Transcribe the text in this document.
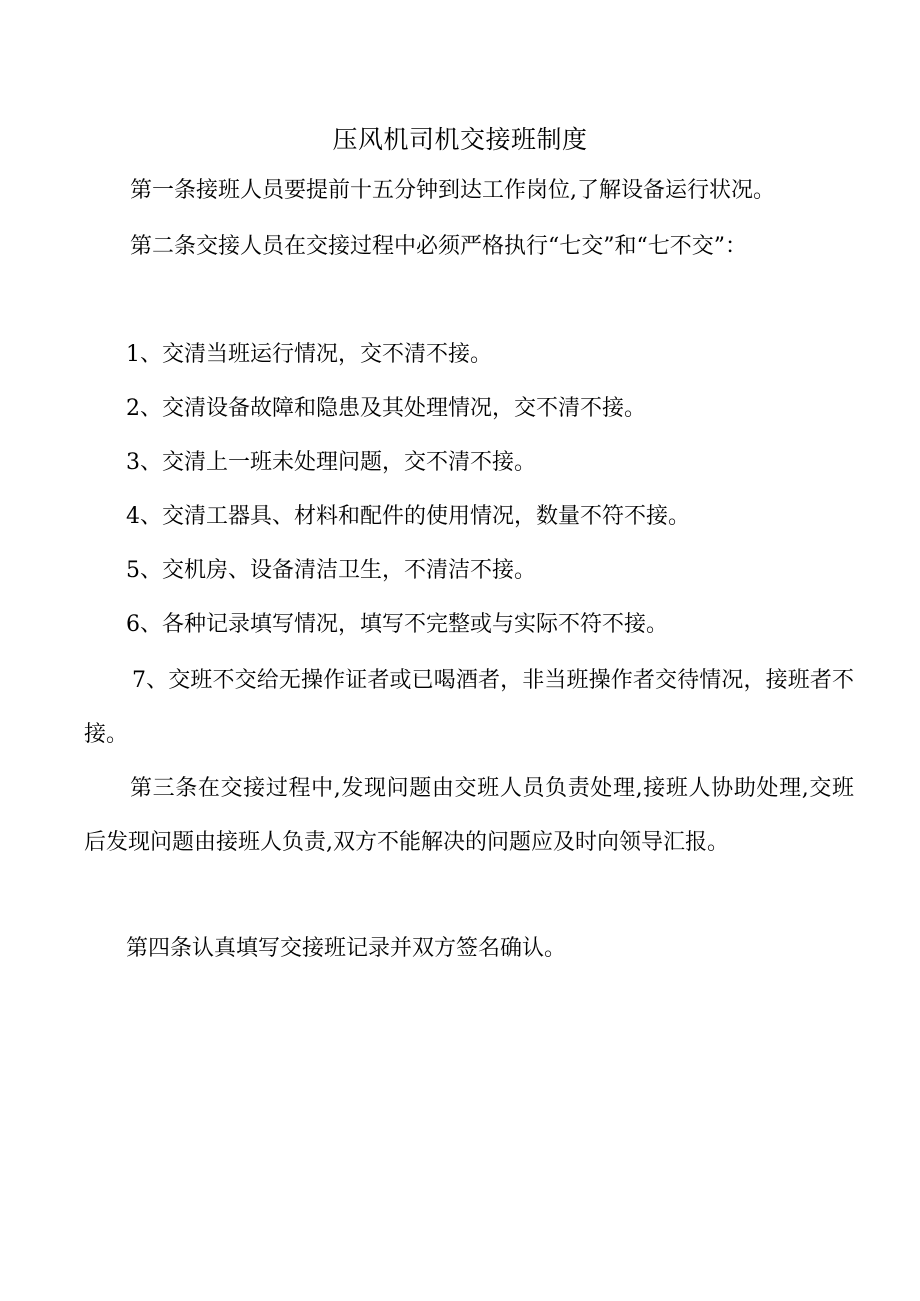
压风机司机交接班制度

第一条接班人员要提前十五分钟到达工作岗位,了解设备运行状况。

第二条交接人员在交接过程中必须严格执行“七交”和“七不交”：

1、交清当班运行情况，交不清不接。

2、交清设备故障和隐患及其处理情况，交不清不接。

3、交清上一班未处理问题，交不清不接。

4、交清工器具、材料和配件的使用情况，数量不符不接。

5、交机房、设备清洁卫生，不清洁不接。

6、各种记录填写情况，填写不完整或与实际不符不接。

7、交班不交给无操作证者或已喝酒者，非当班操作者交待情况，接班者不接。

第三条在交接过程中,发现问题由交班人员负责处理,接班人协助处理,交班后发现问题由接班人负责,双方不能解决的问题应及时向领导汇报。

第四条认真填写交接班记录并双方签名确认。
